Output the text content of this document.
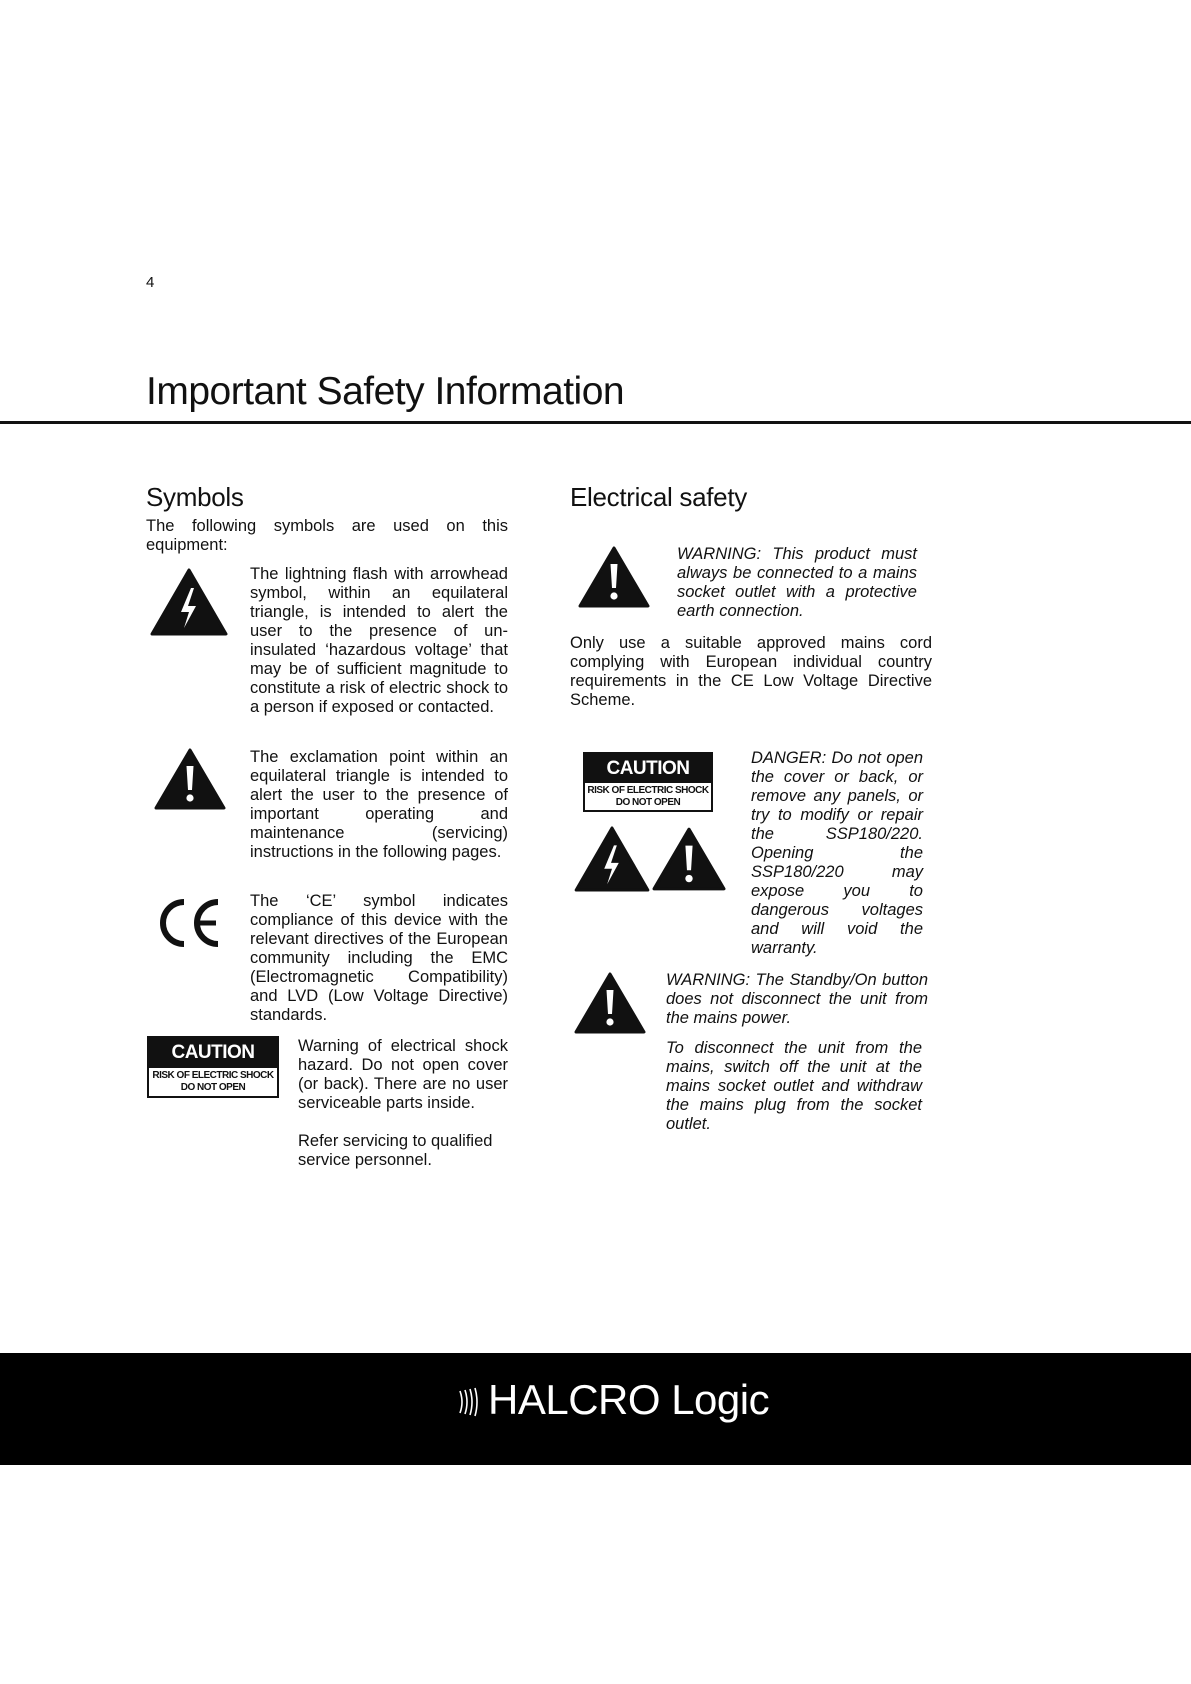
4
Important Safety Information
Symbols

The following symbols are used on this equipment:

The lightning flash with arrowhead symbol, within an equilateral triangle, is intended to alert the user to the presence of un-insulated ‘hazardous voltage’ that may be of sufficient magnitude to constitute a risk of electric shock to a person if exposed or contacted.

The exclamation point within an equilateral triangle is intended to alert the user to the presence of important operating and maintenance (servicing) instructions in the following pages.

The ‘CE’ symbol indicates compliance of this device with the relevant directives of the European community including the EMC (Electromagnetic Compatibility) and LVD (Low Voltage Directive) standards.

CAUTION
RISK OF ELECTRIC SHOCK
DO NOT OPEN

Warning of electrical shock hazard. Do not open cover (or back). There are no user serviceable parts inside.

Refer servicing to qualified service personnel.

Electrical safety

WARNING: This product must always be connected to a mains socket outlet with a protective earth connection.

Only use a suitable approved mains cord complying with European individual country requirements in the CE Low Voltage Directive Scheme.

CAUTION
RISK OF ELECTRIC SHOCK
DO NOT OPEN

DANGER: Do not open the cover or back, or remove any panels, or try to modify or repair the SSP180/220. Opening the SSP180/220 may expose you to dangerous voltages and will void the warranty.

WARNING: The Standby/On button does not disconnect the unit from the mains power.

To disconnect the unit from the mains, switch off the unit at the mains socket outlet and withdraw the mains plug from the socket outlet.

HALCRO Logic
